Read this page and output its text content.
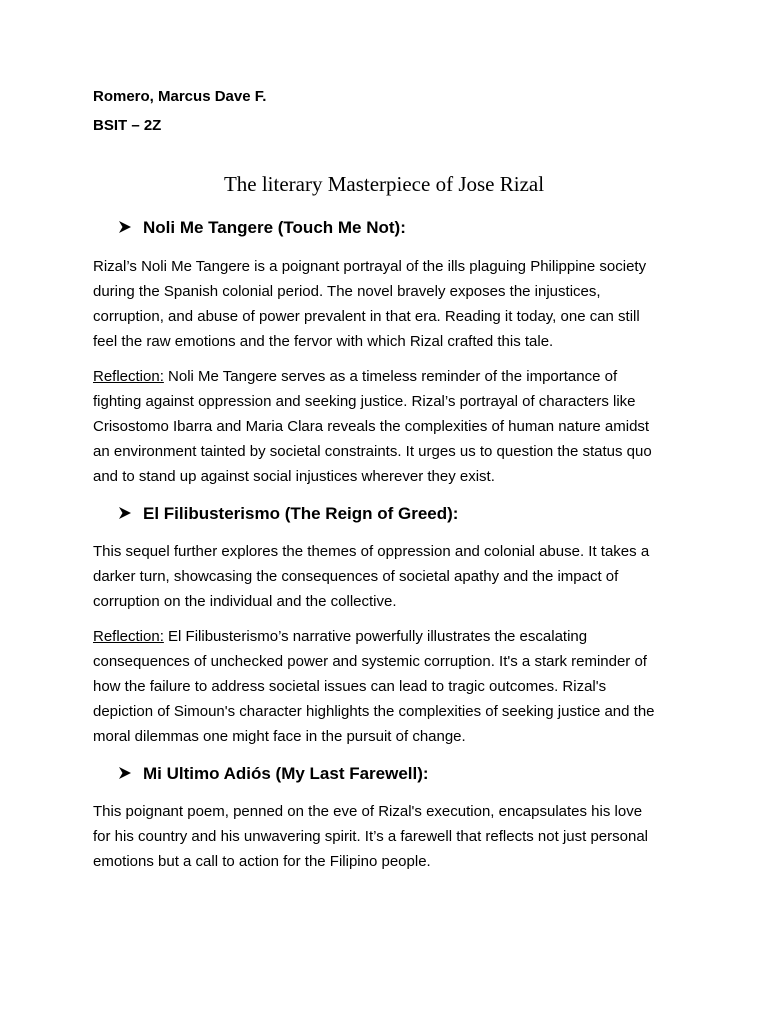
Romero, Marcus Dave F.

BSIT – 2Z

The literary Masterpiece of Jose Rizal
Noli Me Tangere (Touch Me Not):
Rizal’s Noli Me Tangere is a poignant portrayal of the ills plaguing Philippine society
during the Spanish colonial period. The novel bravely exposes the injustices,
corruption, and abuse of power prevalent in that era. Reading it today, one can still
feel the raw emotions and the fervor with which Rizal crafted this tale.
Reflection: Noli Me Tangere serves as a timeless reminder of the importance of
fighting against oppression and seeking justice. Rizal’s portrayal of characters like
Crisostomo Ibarra and Maria Clara reveals the complexities of human nature amidst
an environment tainted by societal constraints. It urges us to question the status quo
and to stand up against social injustices wherever they exist.
El Filibusterismo (The Reign of Greed):
This sequel further explores the themes of oppression and colonial abuse. It takes a
darker turn, showcasing the consequences of societal apathy and the impact of
corruption on the individual and the collective.
Reflection: El Filibusterismo’s narrative powerfully illustrates the escalating
consequences of unchecked power and systemic corruption. It's a stark reminder of
how the failure to address societal issues can lead to tragic outcomes. Rizal's
depiction of Simoun's character highlights the complexities of seeking justice and the
moral dilemmas one might face in the pursuit of change.
Mi Ultimo Adiós (My Last Farewell):
This poignant poem, penned on the eve of Rizal's execution, encapsulates his love
for his country and his unwavering spirit. It’s a farewell that reflects not just personal
emotions but a call to action for the Filipino people.
